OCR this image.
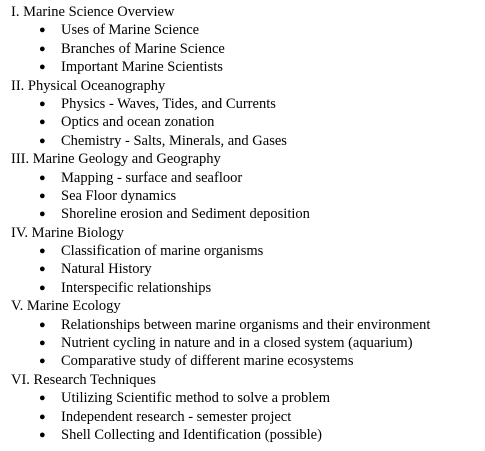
I. Marine Science Overview
● Uses of Marine Science
● Branches of Marine Science
● Important Marine Scientists
II. Physical Oceanography
● Physics - Waves, Tides, and Currents
● Optics and ocean zonation
● Chemistry - Salts, Minerals, and Gases
III. Marine Geology and Geography
● Mapping - surface and seafloor
● Sea Floor dynamics
● Shoreline erosion and Sediment deposition
IV. Marine Biology
● Classification of marine organisms
● Natural History
● Interspecific relationships
V. Marine Ecology
● Relationships between marine organisms and their environment
● Nutrient cycling in nature and in a closed system (aquarium)
● Comparative study of different marine ecosystems
VI. Research Techniques
● Utilizing Scientific method to solve a problem
● Independent research - semester project
● Shell Collecting and Identification (possible)
